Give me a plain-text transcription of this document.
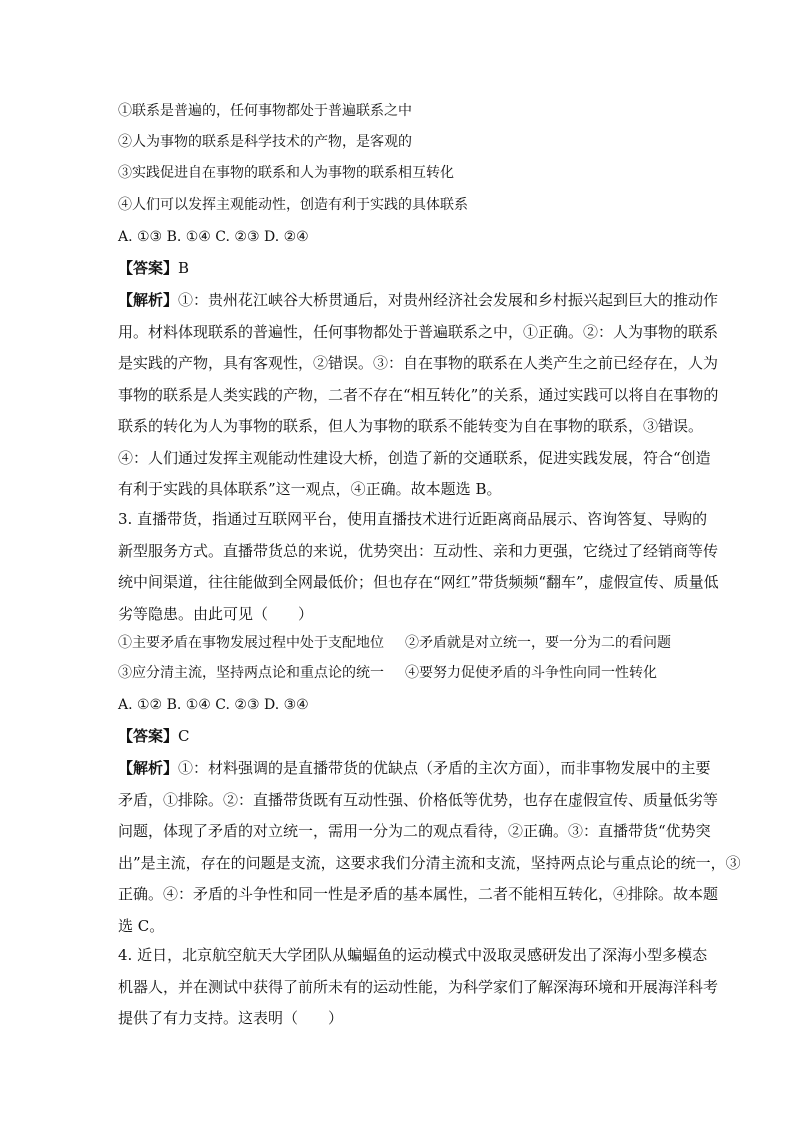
①联系是普遍的，任何事物都处于普遍联系之中
②人为事物的联系是科学技术的产物，是客观的
③实践促进自在事物的联系和人为事物的联系相互转化
④人们可以发挥主观能动性，创造有利于实践的具体联系
A. ①③ B. ①④ C. ②③ D. ②④
【答案】B

【解析】①：贵州花江峡谷大桥贯通后，对贵州经济社会发展和乡村振兴起到巨大的推动作

用。材料体现联系的普遍性，任何事物都处于普遍联系之中，①正确。②：人为事物的联系

是实践的产物，具有客观性，②错误。③：自在事物的联系在人类产生之前已经存在，人为

事物的联系是人类实践的产物，二者不存在“相互转化”的关系，通过实践可以将自在事物的

联系的转化为人为事物的联系，但人为事物的联系不能转变为自在事物的联系，③错误。

④：人们通过发挥主观能动性建设大桥，创造了新的交通联系，促进实践发展，符合“创造

有利于实践的具体联系”这一观点，④正确。故本题选 B。

3. 直播带货，指通过互联网平台，使用直播技术进行近距离商品展示、咨询答复、导购的

新型服务方式。直播带货总的来说，优势突出：互动性、亲和力更强，它绕过了经销商等传

统中间渠道，往往能做到全网最低价；但也存在“网红”带货频频“翻车”，虚假宣传、质量低

劣等隐患。由此可见（　　）

①主要矛盾在事物发展过程中处于支配地位 ②矛盾就是对立统一，要一分为二的看问题
③应分清主流，坚持两点论和重点论的统一 ④要努力促使矛盾的斗争性向同一性转化
A. ①② B. ①④ C. ②③ D. ③④
【答案】C

【解析】①：材料强调的是直播带货的优缺点（矛盾的主次方面），而非事物发展中的主要

矛盾，①排除。②：直播带货既有互动性强、价格低等优势，也存在虚假宣传、质量低劣等

问题，体现了矛盾的对立统一，需用一分为二的观点看待，②正确。③：直播带货“优势突

出”是主流，存在的问题是支流，这要求我们分清主流和支流，坚持两点论与重点论的统一，③

正确。④：矛盾的斗争性和同一性是矛盾的基本属性，二者不能相互转化，④排除。故本题

选 C。

4. 近日，北京航空航天大学团队从蝙蝠鱼的运动模式中汲取灵感研发出了深海小型多模态

机器人，并在测试中获得了前所未有的运动性能，为科学家们了解深海环境和开展海洋科考

提供了有力支持。这表明（　　）
